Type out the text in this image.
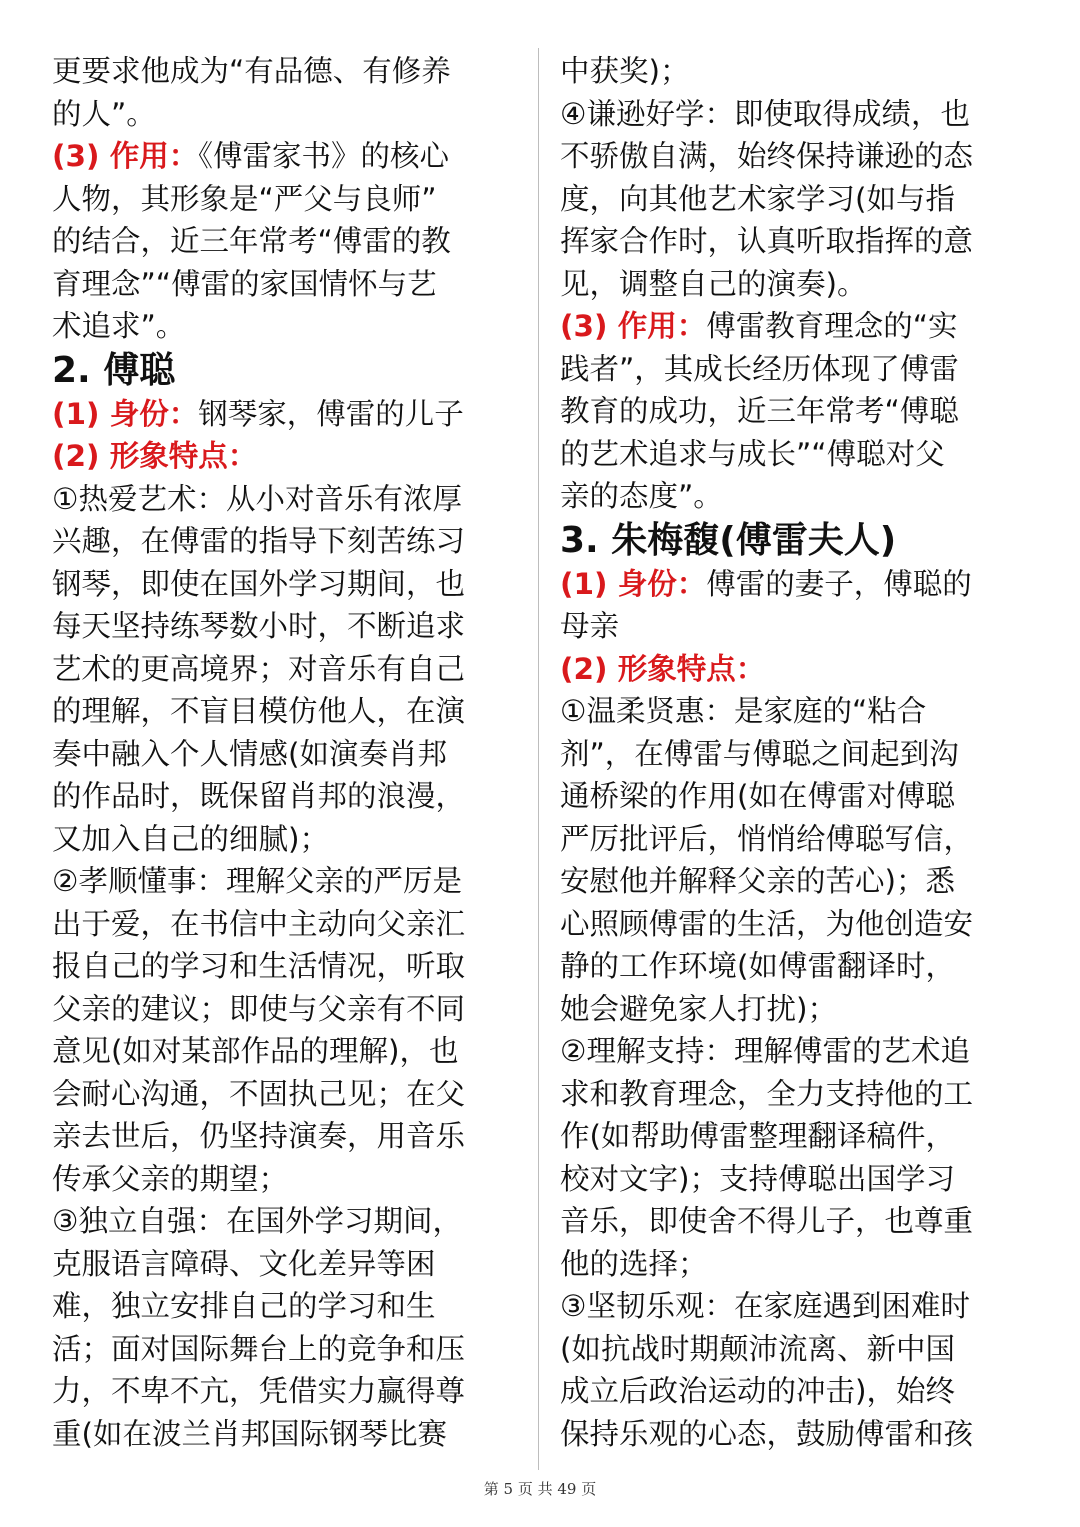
更要求他成为“有品德、有修养
的人”。
(3) 作用：《傅雷家书》的核心
人物，其形象是“严父与良师”
的结合，近三年常考“傅雷的教
育理念”“傅雷的家国情怀与艺
术追求”。
2. 傅聪
(1) 身份：钢琴家，傅雷的儿子
(2) 形象特点：
①热爱艺术：从小对音乐有浓厚
兴趣，在傅雷的指导下刻苦练习
钢琴，即使在国外学习期间，也
每天坚持练琴数小时，不断追求
艺术的更高境界；对音乐有自己
的理解，不盲目模仿他人，在演
奏中融入个人情感(如演奏肖邦
的作品时，既保留肖邦的浪漫，
又加入自己的细腻)；
②孝顺懂事：理解父亲的严厉是
出于爱，在书信中主动向父亲汇
报自己的学习和生活情况，听取
父亲的建议；即使与父亲有不同
意见(如对某部作品的理解)，也
会耐心沟通，不固执己见；在父
亲去世后，仍坚持演奏，用音乐
传承父亲的期望；
③独立自强：在国外学习期间，
克服语言障碍、文化差异等困
难，独立安排自己的学习和生
活；面对国际舞台上的竞争和压
力，不卑不亢，凭借实力赢得尊
重(如在波兰肖邦国际钢琴比赛
中获奖)；
④谦逊好学：即使取得成绩，也
不骄傲自满，始终保持谦逊的态
度，向其他艺术家学习(如与指
挥家合作时，认真听取指挥的意
见，调整自己的演奏)。
(3) 作用：傅雷教育理念的“实
践者”，其成长经历体现了傅雷
教育的成功，近三年常考“傅聪
的艺术追求与成长”“傅聪对父
亲的态度”。
3. 朱梅馥(傅雷夫人)
(1) 身份：傅雷的妻子，傅聪的
母亲
(2) 形象特点：
①温柔贤惠：是家庭的“粘合
剂”，在傅雷与傅聪之间起到沟
通桥梁的作用(如在傅雷对傅聪
严厉批评后，悄悄给傅聪写信，
安慰他并解释父亲的苦心)；悉
心照顾傅雷的生活，为他创造安
静的工作环境(如傅雷翻译时，
她会避免家人打扰)；
②理解支持：理解傅雷的艺术追
求和教育理念，全力支持他的工
作(如帮助傅雷整理翻译稿件，
校对文字)；支持傅聪出国学习
音乐，即使舍不得儿子，也尊重
他的选择；
③坚韧乐观：在家庭遇到困难时
(如抗战时期颠沛流离、新中国
成立后政治运动的冲击)，始终
保持乐观的心态，鼓励傅雷和孩
第 5 页 共 49 页
